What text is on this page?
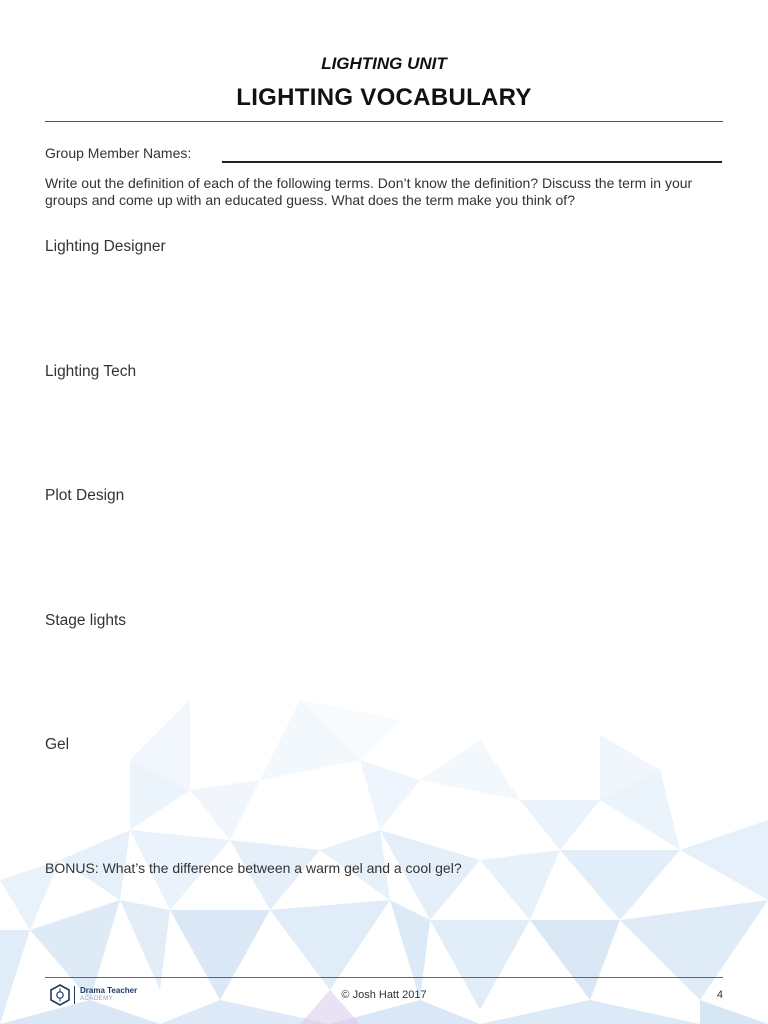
LIGHTING UNIT
LIGHTING VOCABULARY
Group Member Names:

Write out the definition of each of the following terms. Don’t know the definition? Discuss the term in your groups and come up with an educated guess. What does the term make you think of?

Lighting Designer
Lighting Tech
Plot Design
Stage lights
Gel
BONUS: What’s the difference between a warm gel and a cool gel?
Drama Teacher
ACADEMY	© Josh Hatt 2017	4
